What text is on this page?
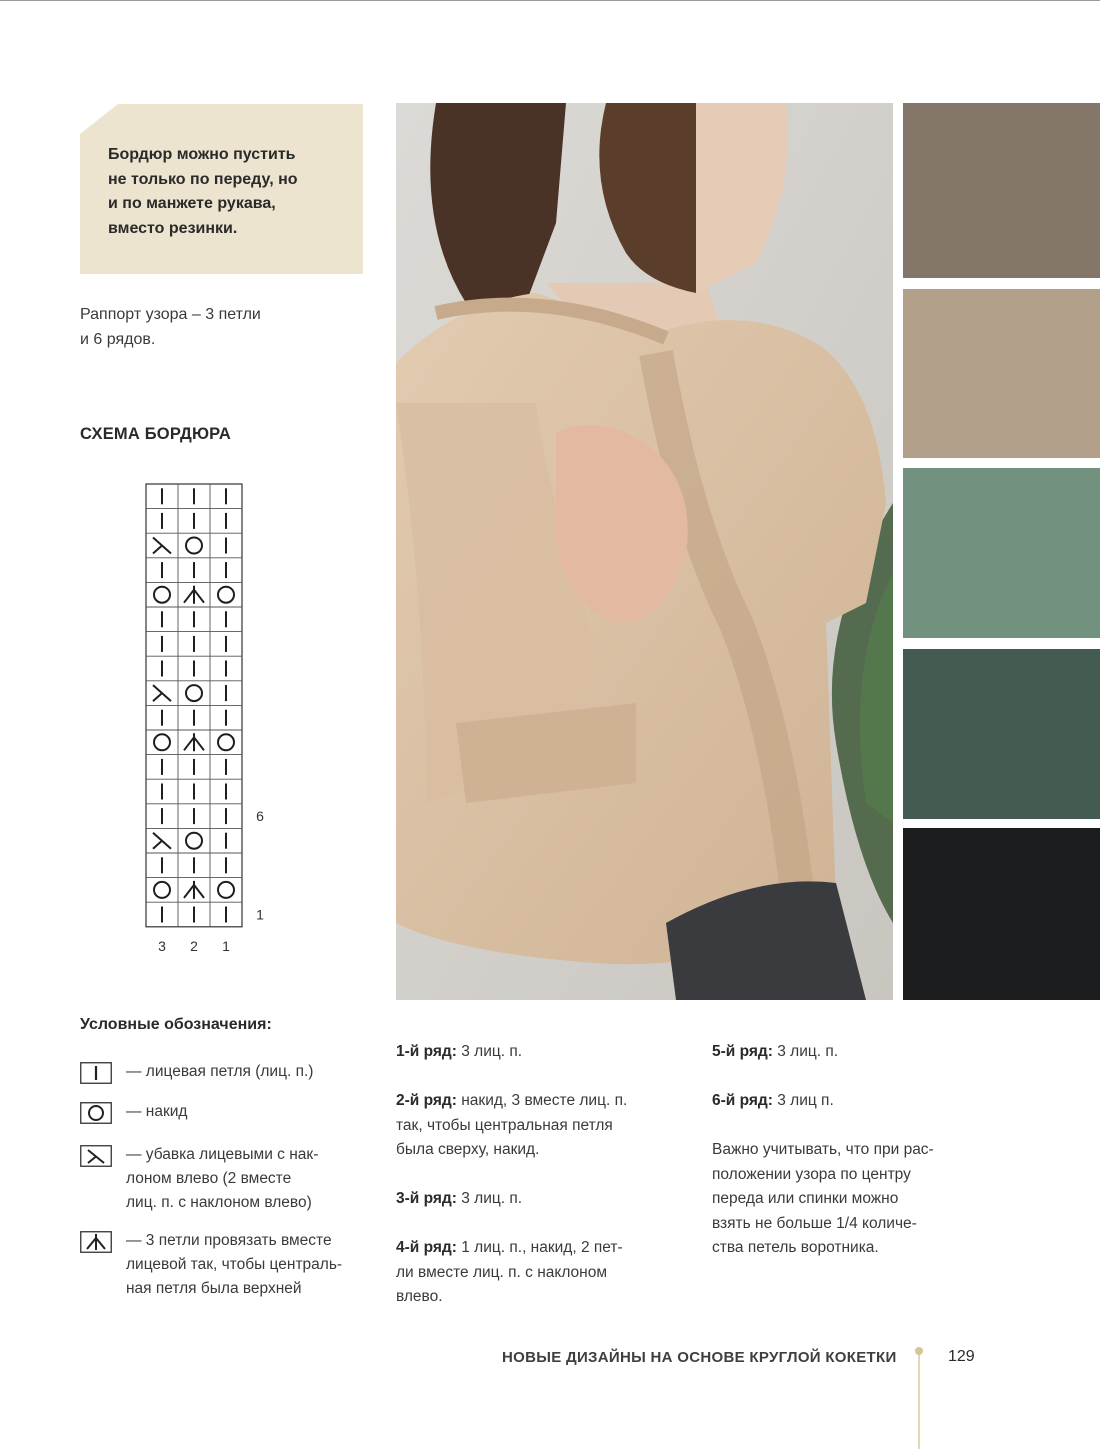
Бордюр можно пустить
не только по переду, но
и по манжете рукава,
вместо резинки.
Раппорт узора – 3 петли
и 6 рядов.
СХЕМА БОРДЮРА
6
1
3 2 1
Условные обозначения:
— лицевая петля (лиц. п.)
— накид
— убавка лицевыми с нак-
лоном влево (2 вместе
лиц. п. с наклоном влево)
— 3 петли провязать вместе
лицевой так, чтобы централь-
ная петля была верхней

1-й ряд: 3 лиц. п.

2-й ряд: накид, 3 вместе лиц. п.
так, чтобы центральная петля
была сверху, накид.

3-й ряд: 3 лиц. п.

4-й ряд: 1 лиц. п., накид, 2 пет-
ли вместе лиц. п. с наклоном
влево.

5-й ряд: 3 лиц. п.

6-й ряд: 3 лиц п.

Важно учитывать, что при рас-
положении узора по центру
переда или спинки можно
взять не больше 1/4 количе-
ства петель воротника.

НОВЫЕ ДИЗАЙНЫ НА ОСНОВЕ КРУГЛОЙ КОКЕТКИ	129
